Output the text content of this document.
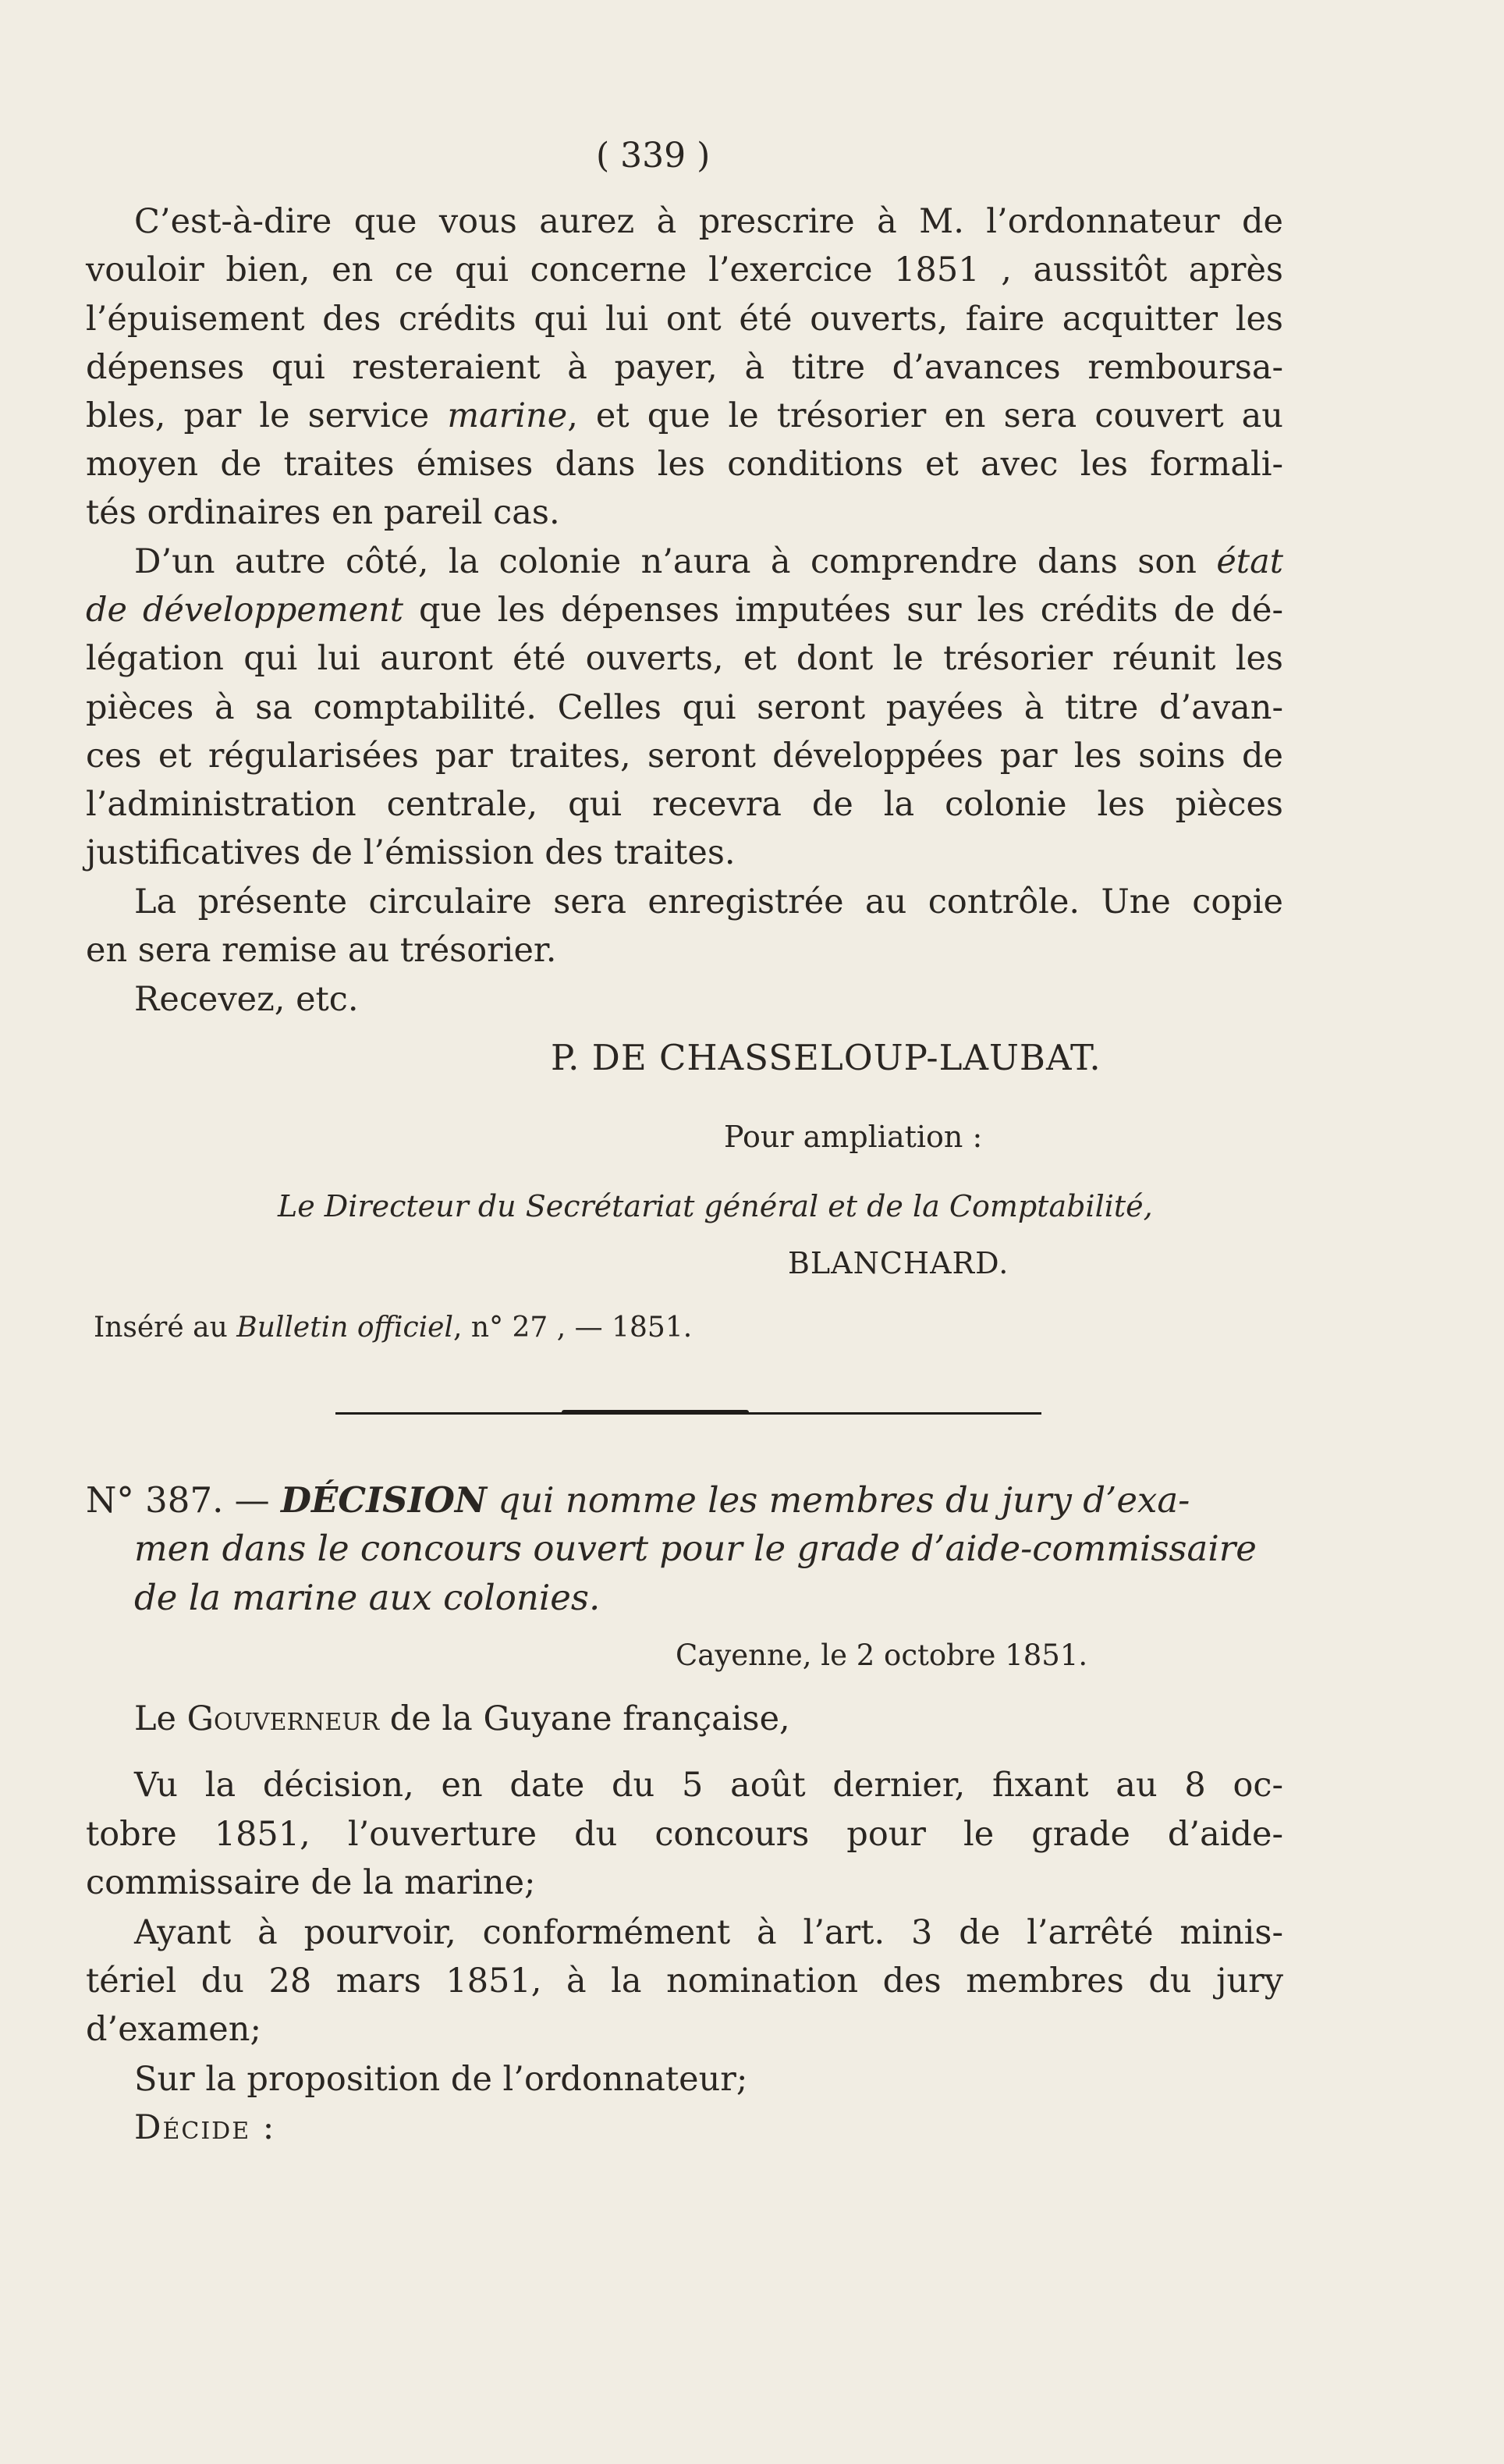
( 339 )
C’est-à-dire que vous aurez à prescrire à M. l’ordonnateur de
vouloir bien, en ce qui concerne l’exercice 1851 , aussitôt après
l’épuisement des crédits qui lui ont été ouverts, faire acquitter les
dépenses qui resteraient à payer, à titre d’avances remboursa-
bles, par le service marine, et que le trésorier en sera couvert au
moyen de traites émises dans les conditions et avec les formali-
tés ordinaires en pareil cas.
D’un autre côté, la colonie n’aura à comprendre dans son état
de développement que les dépenses imputées sur les crédits de dé-
légation qui lui auront été ouverts, et dont le trésorier réunit les
pièces à sa comptabilité. Celles qui seront payées à titre d’avan-
ces et régularisées par traites, seront développées par les soins de
l’administration centrale, qui recevra de la colonie les pièces
justificatives de l’émission des traites.
La présente circulaire sera enregistrée au contrôle. Une copie
en sera remise au trésorier.
Recevez, etc.
P. DE CHASSELOUP-LAUBAT.
Pour ampliation :
Le Directeur du Secrétariat général et de la Comptabilité,
BLANCHARD.
Inséré au Bulletin officiel, n° 27 , — 1851.
N° 387. — DÉCISION qui nomme les membres du jury d’exa-
men dans le concours ouvert pour le grade d’aide-commissaire
de la marine aux colonies.
Cayenne, le 2 octobre 1851.
Le Gouverneur de la Guyane française,
Vu la décision, en date du 5 août dernier, fixant au 8 oc-
tobre 1851, l’ouverture du concours pour le grade d’aide-
commissaire de la marine;
Ayant à pourvoir, conformément à l’art. 3 de l’arrêté minis-
tériel du 28 mars 1851, à la nomination des membres du jury
d’examen;
Sur la proposition de l’ordonnateur;
Décide :
